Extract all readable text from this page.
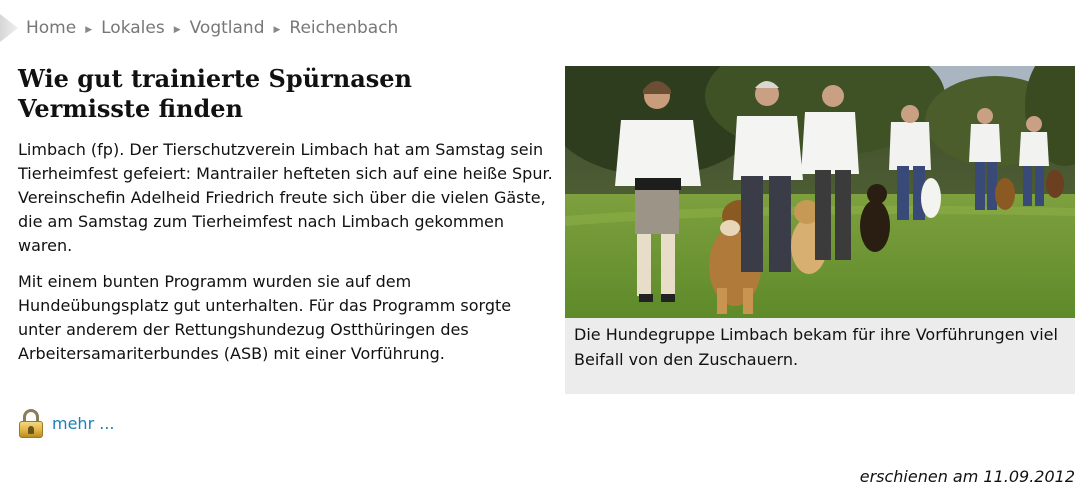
Home ▶ Lokales ▶ Vogtland ▶ Reichenbach
Wie gut trainierte Spürnasen Vermisste finden

Limbach (fp). Der Tierschutzverein Limbach hat am Samstag sein Tierheimfest gefeiert: Mantrailer hefteten sich auf eine heiße Spur. Vereinschefin Adelheid Friedrich freute sich über die vielen Gäste, die am Samstag zum Tierheimfest nach Limbach gekommen waren.

Mit einem bunten Programm wurden sie auf dem Hundeübungsplatz gut unterhalten. Für das Programm sorgte unter anderem der Rettungshundezug Ostthüringen des Arbeitersamariterbundes (ASB) mit einer Vorführung.

mehr ...
Die Hundegruppe Limbach bekam für ihre Vorführungen viel Beifall von den Zuschauern.
erschienen am 11.09.2012
